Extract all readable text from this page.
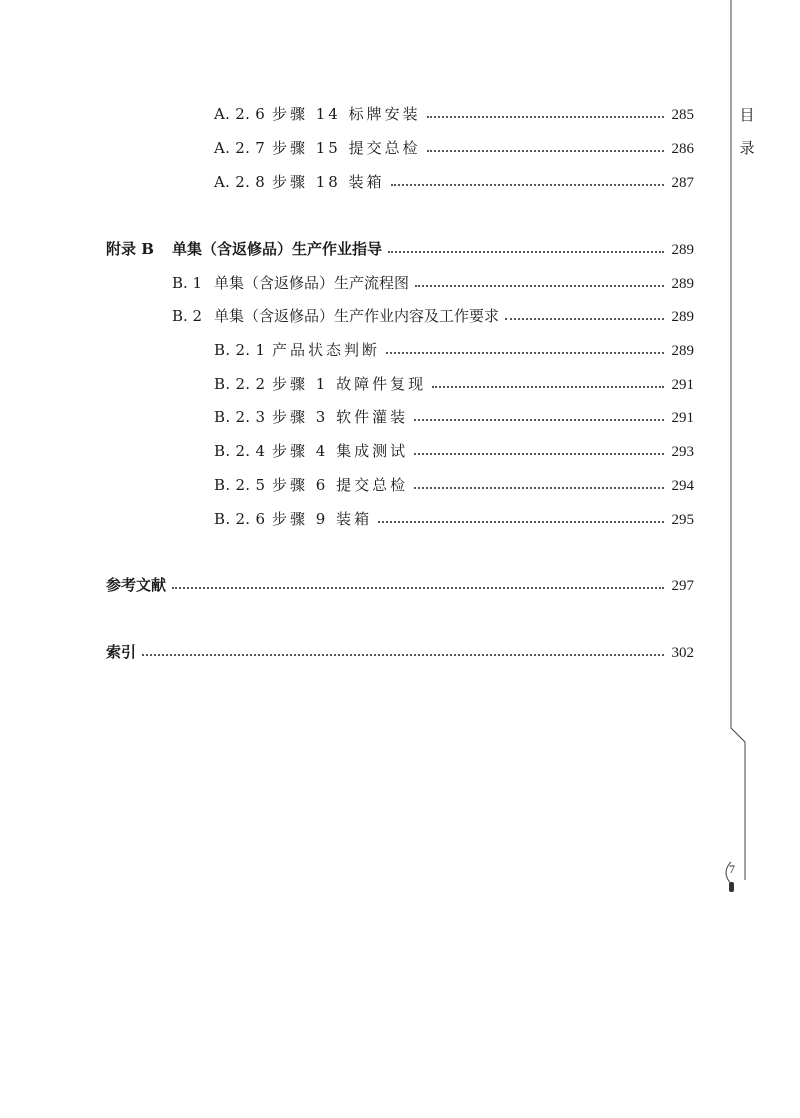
目
录
7
A. 2. 6 步骤 14 标牌安装	285
A. 2. 7 步骤 15 提交总检	286
A. 2. 8 步骤 18 装箱	287
附录 B	单集（含返修品）生产作业指导	289
B. 1 单集（含返修品）生产流程图	289
B. 2 单集（含返修品）生产作业内容及工作要求	289
B. 2. 1 产品状态判断	289
B. 2. 2 步骤 1 故障件复现	291
B. 2. 3 步骤 3 软件灌装	291
B. 2. 4 步骤 4 集成测试	293
B. 2. 5 步骤 6 提交总检	294
B. 2. 6 步骤 9 装箱	295
参考文献	297
索引	302
